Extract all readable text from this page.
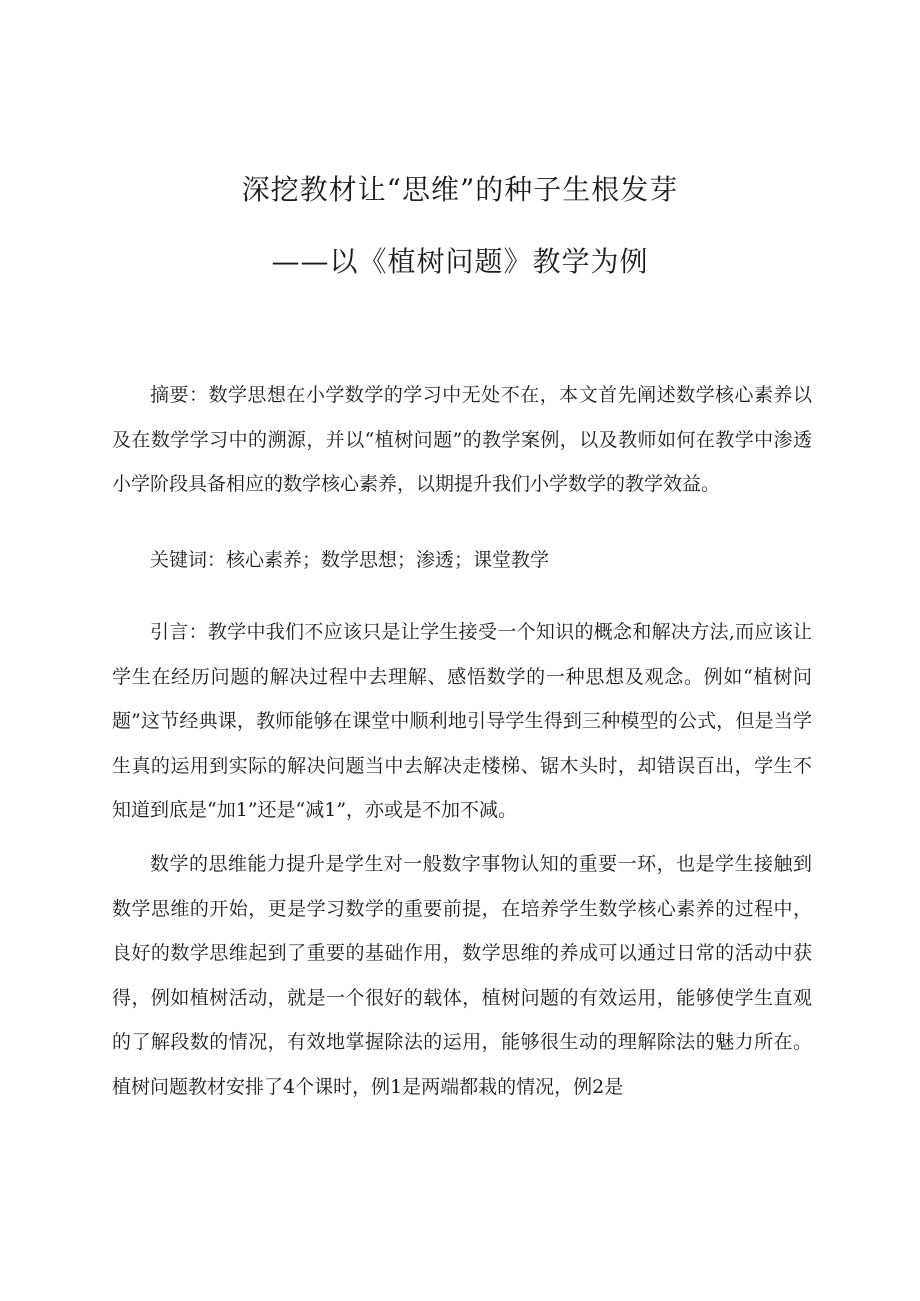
深挖教材让“思维”的种子生根发芽
——以《植树问题》教学为例

摘要：数学思想在小学数学的学习中无处不在，本文首先阐述数学核心素养以及在数学学习中的溯源，并以“植树问题”的教学案例，以及教师如何在教学中渗透小学阶段具备相应的数学核心素养，以期提升我们小学数学的教学效益。

关键词：核心素养；数学思想；渗透；课堂教学

引言：教学中我们不应该只是让学生接受一个知识的概念和解决方法,而应该让学生在经历问题的解决过程中去理解、感悟数学的一种思想及观念。例如“植树问题”这节经典课，教师能够在课堂中顺利地引导学生得到三种模型的公式，但是当学生真的运用到实际的解决问题当中去解决走楼梯、锯木头时，却错误百出，学生不知道到底是“加1”还是“减1”，亦或是不加不减。

数学的思维能力提升是学生对一般数字事物认知的重要一环，也是学生接触到数学思维的开始，更是学习数学的重要前提，在培养学生数学核心素养的过程中，良好的数学思维起到了重要的基础作用，数学思维的养成可以通过日常的活动中获得，例如植树活动，就是一个很好的载体，植树问题的有效运用，能够使学生直观的了解段数的情况，有效地掌握除法的运用，能够很生动的理解除法的魅力所在。植树问题教材安排了4个课时，例1是两端都栽的情况，例2是
